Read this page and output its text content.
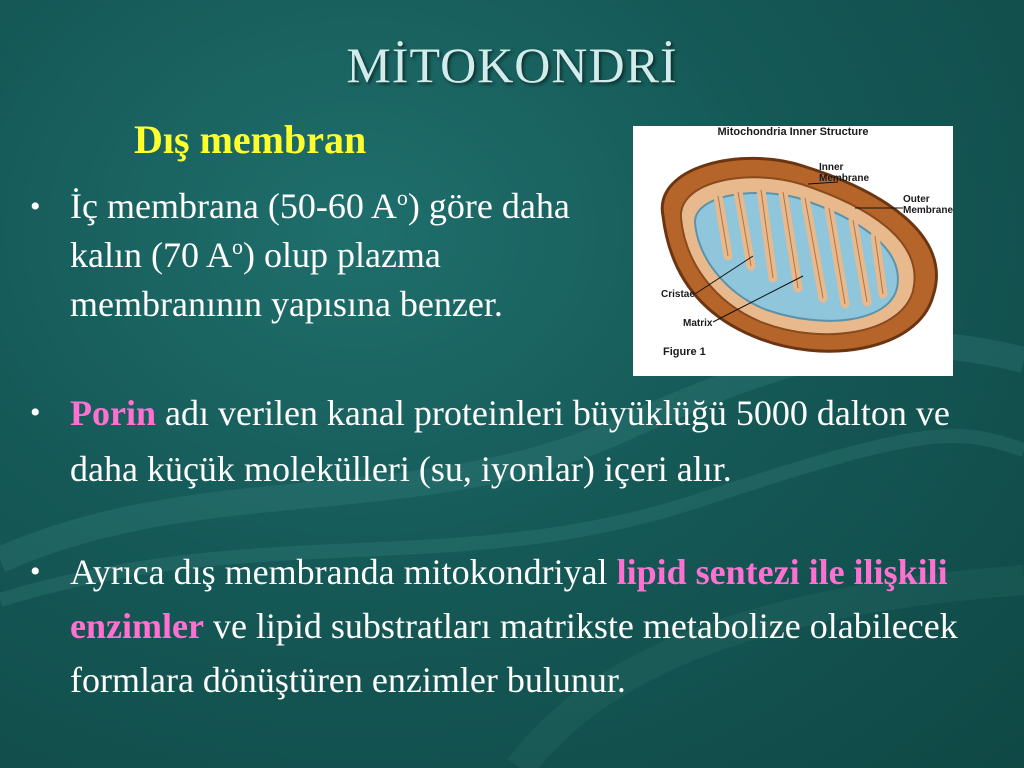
MİTOKONDRİ
Dış membran
• İç membrana (50-60 $A^o$) göre daha kalın (70 $A^o$) olup plazma membranının yapısına benzer.
• Porin adı verilen kanal proteinleri büyüklüğü 5000 dalton ve daha küçük molekülleri (su, iyonlar) içeri alır.
• Ayrıca dış membranda mitokondriyal lipid sentezi ile ilişkili enzimler ve lipid substratları matrikste metabolize olabilecek formlara dönüştüren enzimler bulunur.
Mitochondria Inner Structure
Inner
Membrane
Outer
Membrane
Cristae
Matrix
Figure 1
